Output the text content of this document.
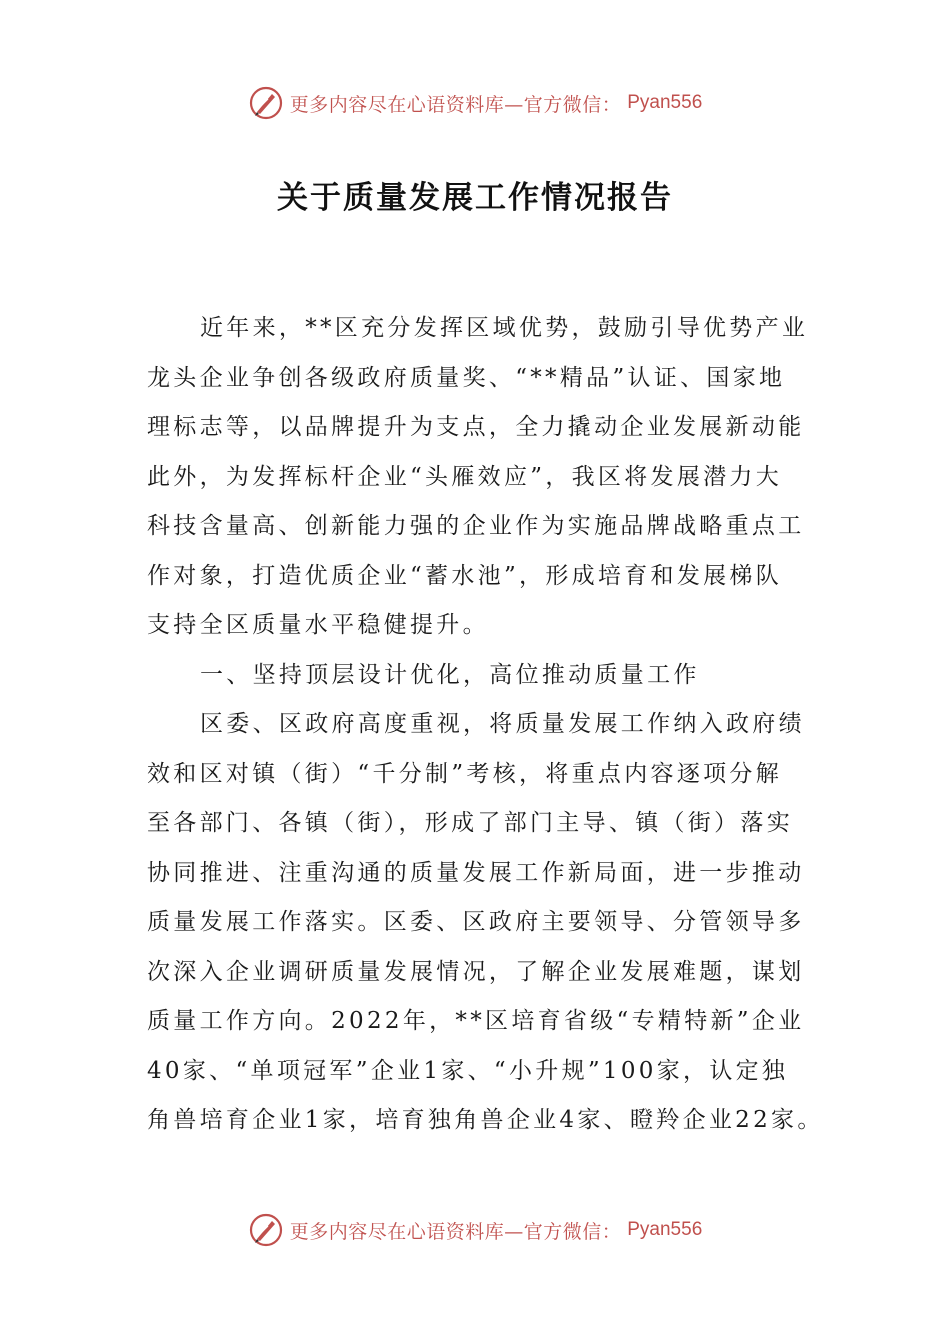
更多内容尽在心语资料库—官方微信： Pyan556
关于质量发展工作情况报告
近年来，**区充分发挥区域优势，鼓励引导优势产业
龙头企业争创各级政府质量奖、“**精品”认证、国家地
理标志等，以品牌提升为支点，全力撬动企业发展新动能
此外，为发挥标杆企业“头雁效应”，我区将发展潜力大
科技含量高、创新能力强的企业作为实施品牌战略重点工
作对象，打造优质企业“蓄水池”，形成培育和发展梯队
支持全区质量水平稳健提升。
一、坚持顶层设计优化，高位推动质量工作
区委、区政府高度重视，将质量发展工作纳入政府绩
效和区对镇（街）“千分制”考核，将重点内容逐项分解
至各部门、各镇（街），形成了部门主导、镇（街）落实
协同推进、注重沟通的质量发展工作新局面，进一步推动
质量发展工作落实。区委、区政府主要领导、分管领导多
次深入企业调研质量发展情况，了解企业发展难题，谋划
质量工作方向。2022年，**区培育省级“专精特新”企业
40家、“单项冠军”企业1家、“小升规”100家，认定独
角兽培育企业1家，培育独角兽企业4家、瞪羚企业22家。
更多内容尽在心语资料库—官方微信： Pyan556
